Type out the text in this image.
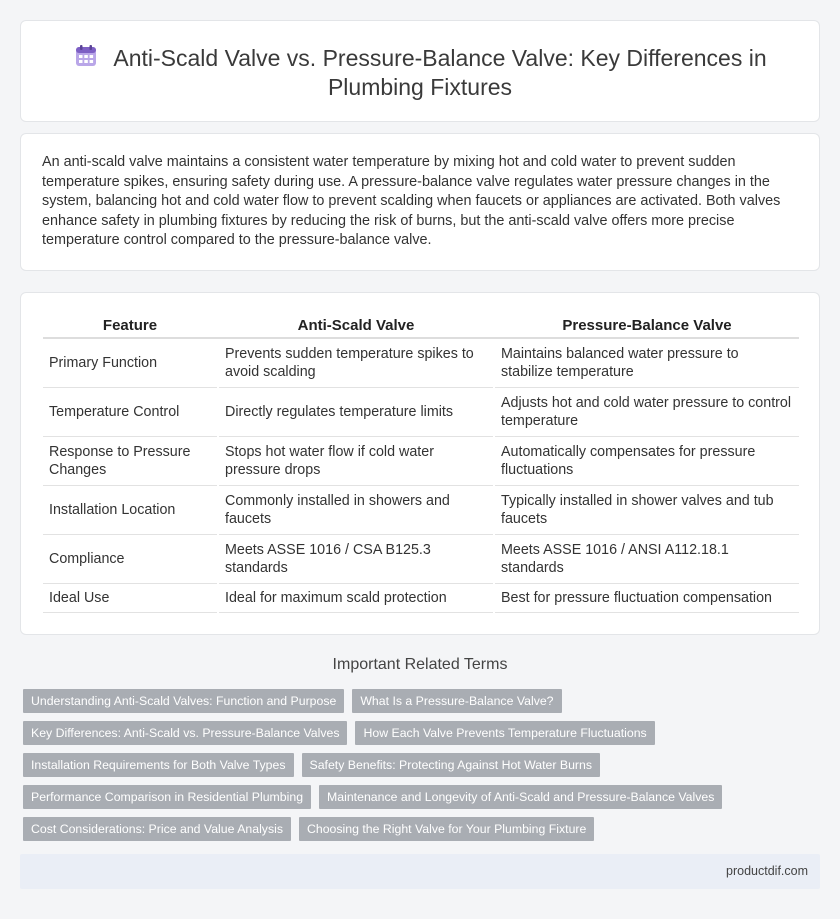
Anti-Scald Valve vs. Pressure-Balance Valve: Key Differences in Plumbing Fixtures

An anti-scald valve maintains a consistent water temperature by mixing hot and cold water to prevent sudden temperature spikes, ensuring safety during use. A pressure-balance valve regulates water pressure changes in the system, balancing hot and cold water flow to prevent scalding when faucets or appliances are activated. Both valves enhance safety in plumbing fixtures by reducing the risk of burns, but the anti-scald valve offers more precise temperature control compared to the pressure-balance valve.

Feature	Anti-Scald Valve	Pressure-Balance Valve
Primary Function	Prevents sudden temperature spikes to avoid scalding	Maintains balanced water pressure to stabilize temperature
Temperature Control	Directly regulates temperature limits	Adjusts hot and cold water pressure to control temperature
Response to Pressure Changes	Stops hot water flow if cold water pressure drops	Automatically compensates for pressure fluctuations
Installation Location	Commonly installed in showers and faucets	Typically installed in shower valves and tub faucets
Compliance	Meets ASSE 1016 / CSA B125.3 standards	Meets ASSE 1016 / ANSI A112.18.1 standards
Ideal Use	Ideal for maximum scald protection	Best for pressure fluctuation compensation
Important Related Terms
Understanding Anti-Scald Valves: Function and Purpose	What Is a Pressure-Balance Valve?
Key Differences: Anti-Scald vs. Pressure-Balance Valves	How Each Valve Prevents Temperature Fluctuations
Installation Requirements for Both Valve Types	Safety Benefits: Protecting Against Hot Water Burns
Performance Comparison in Residential Plumbing	Maintenance and Longevity of Anti-Scald and Pressure-Balance Valves
Cost Considerations: Price and Value Analysis	Choosing the Right Valve for Your Plumbing Fixture
productdif.com
